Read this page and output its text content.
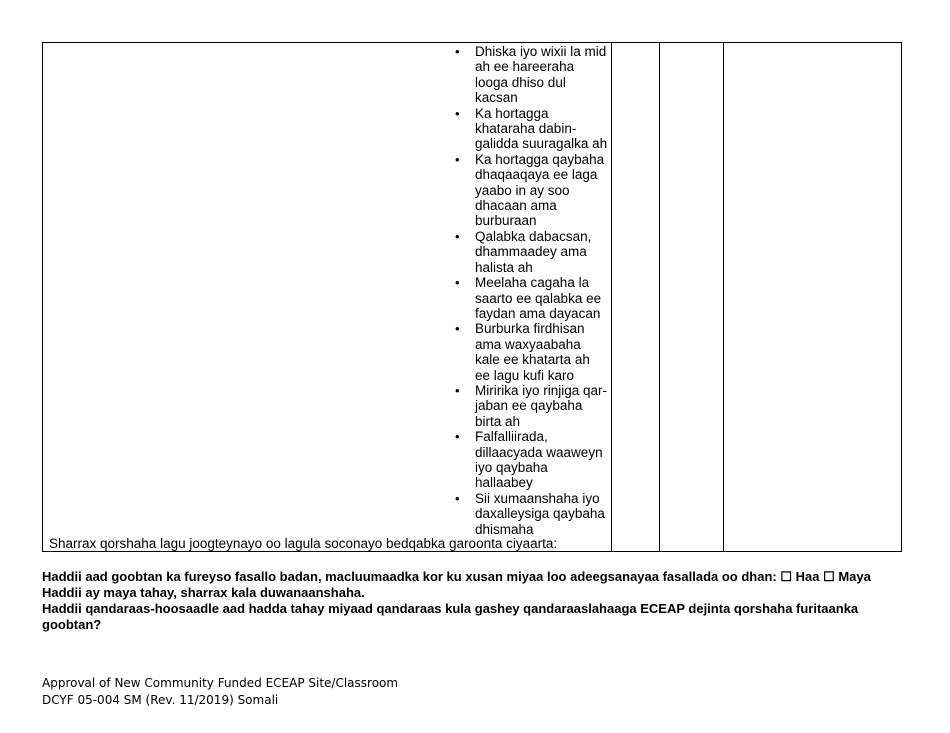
• Dhiska iyo wixii la mid
ah ee hareeraha
looga dhiso dul
kacsan
• Ka hortagga
khataraha dabin-
galidda suuragalka ah
• Ka hortagga qaybaha
dhaqaaqaya ee laga
yaabo in ay soo
dhacaan ama
burburaan
• Qalabka dabacsan,
dhammaadey ama
halista ah
• Meelaha cagaha la
saarto ee qalabka ee
faydan ama dayacan
• Burburka firdhisan
ama waxyaabaha
kale ee khatarta ah
ee lagu kufi karo
• Miririka iyo rinjiga qar-
jaban ee qaybaha
birta ah
• Falfalliirada,
dillaacyada waaweyn
iyo qaybaha
hallaabey
• Sii xumaanshaha iyo
daxalleysiga qaybaha
dhismaha
Sharrax qorshaha lagu joogteynayo oo lagula soconayo bedqabka garoonta ciyaarta:

Haddii aad goobtan ka fureyso fasallo badan, macluumaadka kor ku xusan miyaa loo adeegsanayaa fasallada oo dhan: ☐ Haa ☐ Maya

Haddii ay maya tahay, sharrax kala duwanaanshaha.

Haddii qandaraas-hoosaadle aad hadda tahay miyaad qandaraas kula gashey qandaraaslahaaga ECEAP dejinta qorshaha furitaanka goobtan?

Approval of New Community Funded ECEAP Site/Classroom

DCYF 05-004 SM (Rev. 11/2019) Somali
